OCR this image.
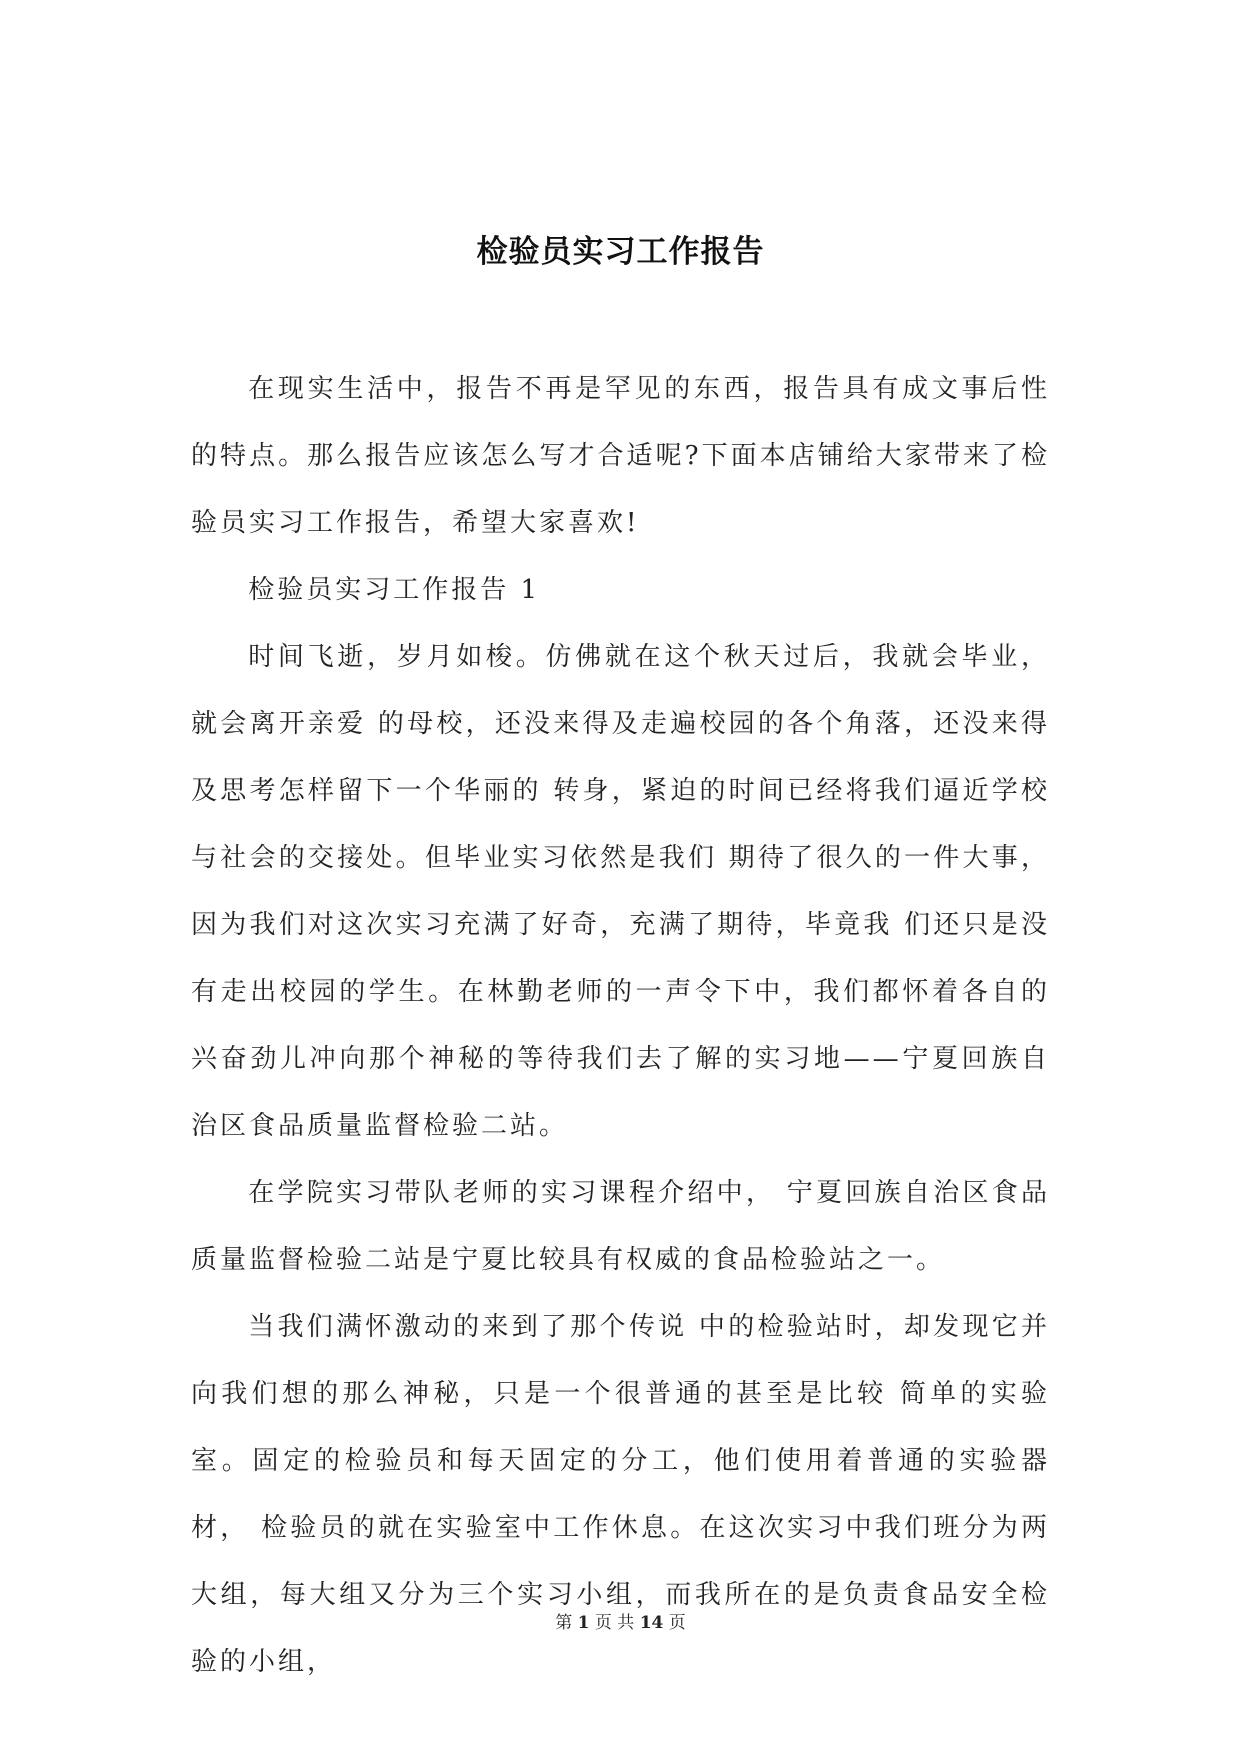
检验员实习工作报告

在现实生活中，报告不再是罕见的东西，报告具有成文事后性的特点。那么报告应该怎么写才合适呢?下面本店铺给大家带来了检验员实习工作报告，希望大家喜欢!

检验员实习工作报告 1

时间飞逝，岁月如梭。仿佛就在这个秋天过后，我就会毕业，就会离开亲爱 的母校，还没来得及走遍校园的各个角落，还没来得及思考怎样留下一个华丽的 转身，紧迫的时间已经将我们逼近学校与社会的交接处。但毕业实习依然是我们 期待了很久的一件大事，因为我们对这次实习充满了好奇，充满了期待，毕竟我 们还只是没有走出校园的学生。在林勤老师的一声令下中，我们都怀着各自的兴奋劲儿冲向那个神秘的等待我们去了解的实习地——宁夏回族自治区食品质量监督检验二站。

在学院实习带队老师的实习课程介绍中， 宁夏回族自治区食品质量监督检验二站是宁夏比较具有权威的食品检验站之一。

当我们满怀激动的来到了那个传说 中的检验站时，却发现它并向我们想的那么神秘，只是一个很普通的甚至是比较 简单的实验室。固定的检验员和每天固定的分工，他们使用着普通的实验器材， 检验员的就在实验室中工作休息。在这次实习中我们班分为两大组，每大组又分为三个实习小组，而我所在的是负责食品安全检验的小组，

第 1 页 共 14 页
